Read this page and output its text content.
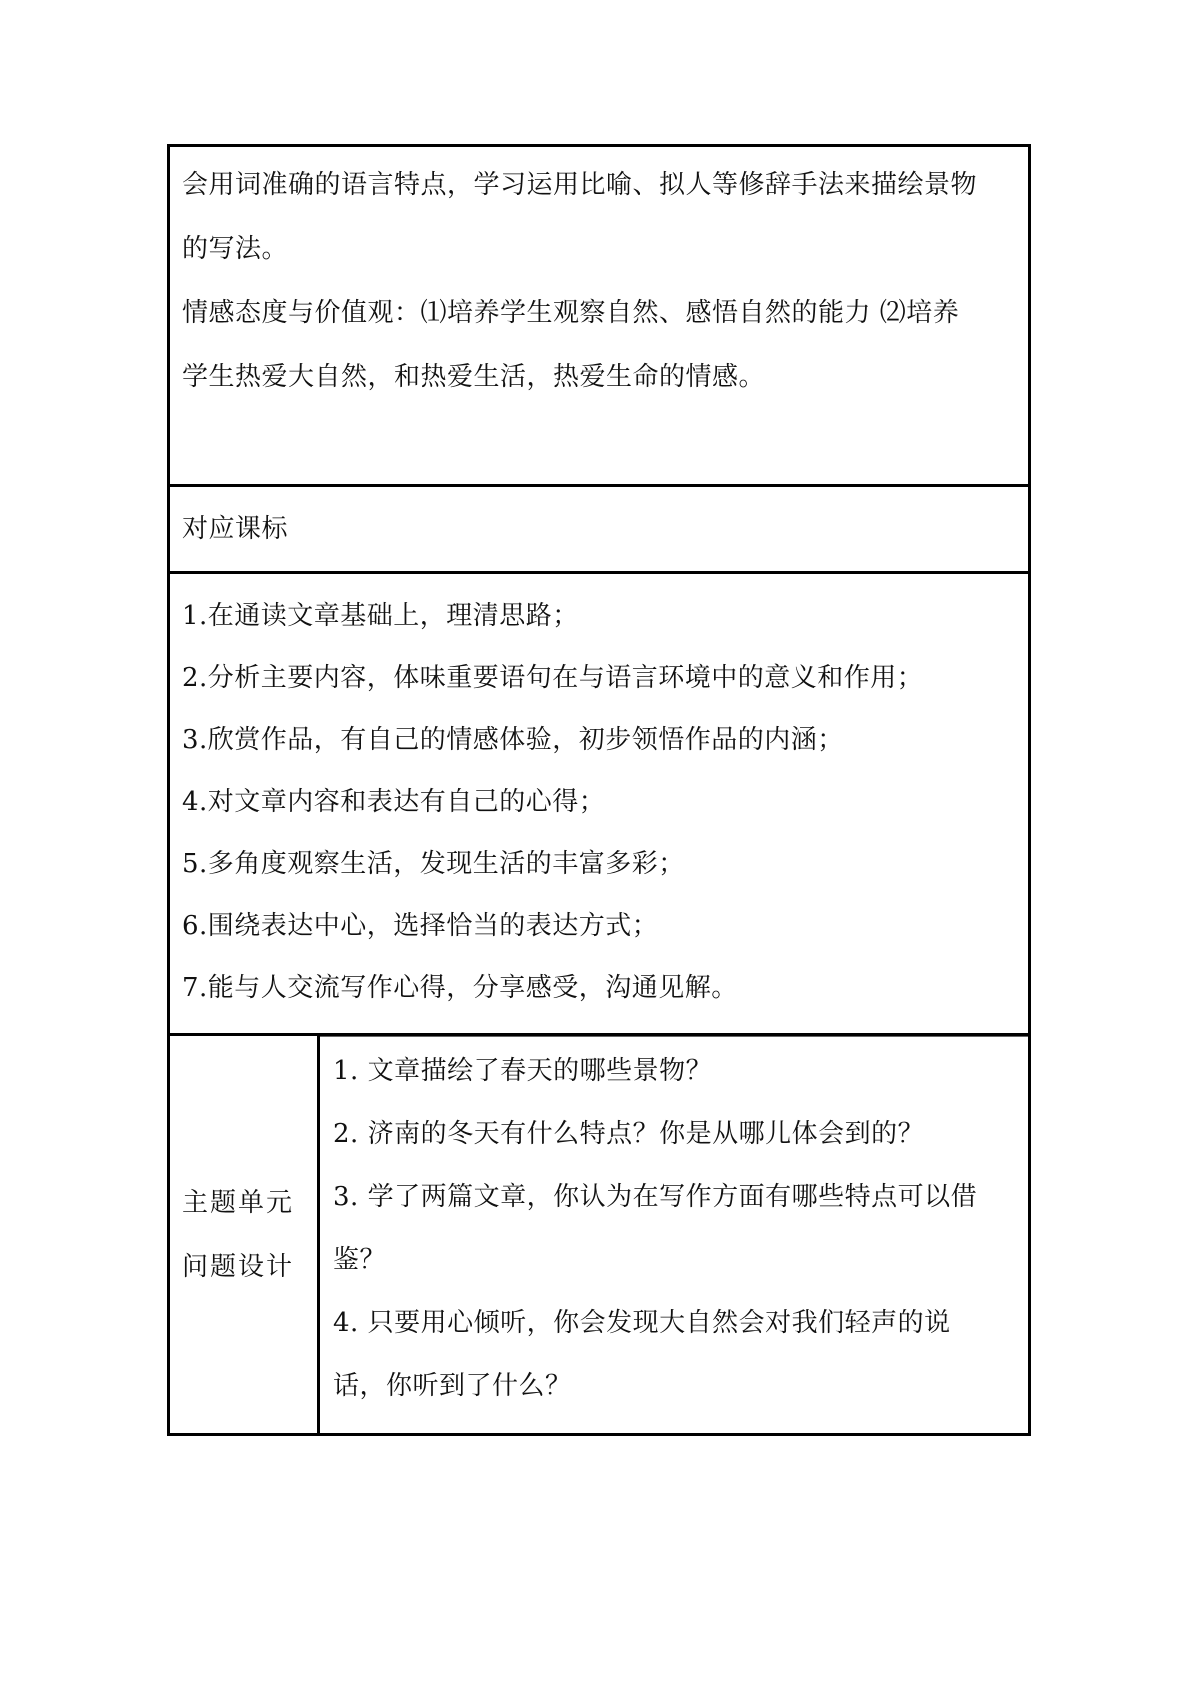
会用词准确的语言特点，学习运用比喻、拟人等修辞手法来描绘景物
的写法。
情感态度与价值观：⑴培养学生观察自然、感悟自然的能力 ⑵培养
学生热爱大自然，和热爱生活，热爱生命的情感。
对应课标
1.在通读文章基础上，理清思路；
2.分析主要内容，体味重要语句在与语言环境中的意义和作用；
3.欣赏作品，有自己的情感体验，初步领悟作品的内涵；
4.对文章内容和表达有自己的心得；
5.多角度观察生活，发现生活的丰富多彩；
6.围绕表达中心，选择恰当的表达方式；
7.能与人交流写作心得，分享感受，沟通见解。
主题单元
问题设计
1. 文章描绘了春天的哪些景物？
2. 济南的冬天有什么特点？你是从哪儿体会到的？
3. 学了两篇文章，你认为在写作方面有哪些特点可以借
鉴？
4. 只要用心倾听，你会发现大自然会对我们轻声的说
话，你听到了什么？
